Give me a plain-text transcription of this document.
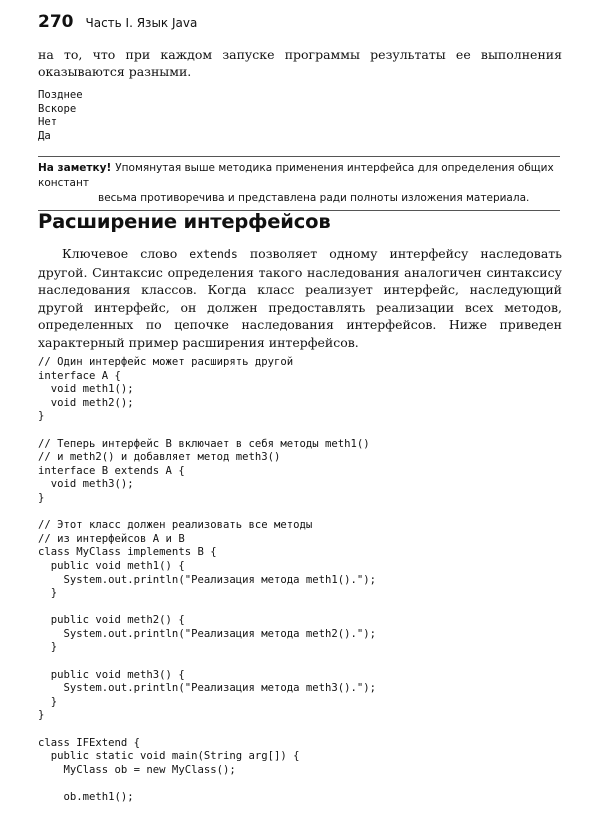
270 Часть I. Язык Java

на то, что при каждом запуске программы результаты ее выполнения оказываются разными.

Позднее
Вскоре
Нет
Да
На заметку! Упомянутая выше методика применения интерфейса для определения общих констант
весьма противоречива и представлена ради полноты изложения материала.
Расширение интерфейсов

Ключевое слово extends позволяет одному интерфейсу наследовать другой. Синтаксис определения такого наследования аналогичен синтаксису наследования классов. Когда класс реализует интерфейс, наследующий другой интерфейс, он должен предоставлять реализации всех методов, определенных по цепочке наследования интерфейсов. Ниже приведен характерный пример расширения интерфейсов.

// Один интерфейс может расширять другой
interface A {
void meth1();
void meth2();
}

// Теперь интерфейс B включает в себя методы meth1()
// и meth2() и добавляет метод meth3()
interface B extends A {
void meth3();
}

// Этот класс должен реализовать все методы
// из интерфейсов A и B
class MyClass implements B {
public void meth1() {
System.out.println("Реализация метода meth1().");
}

public void meth2() {
System.out.println("Реализация метода meth2().");
}

public void meth3() {
System.out.println("Реализация метода meth3().");
}
}

class IFExtend {
public static void main(String arg[]) {
MyClass ob = new MyClass();

ob.meth1();
